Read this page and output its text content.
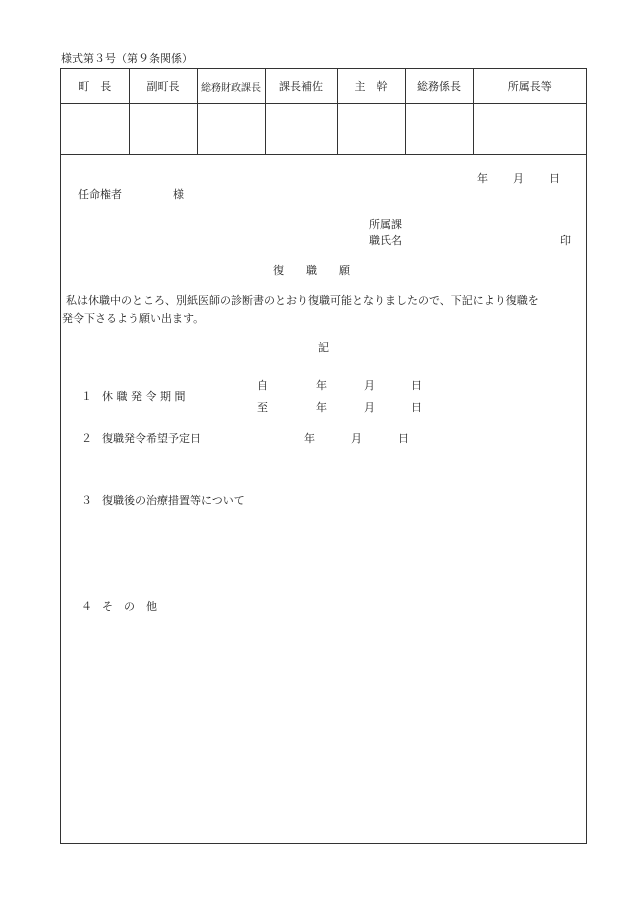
様式第３号（第９条関係）
町　長	副町長	総務財政課長	課長補佐	主　幹	総務係長	所属長等

年 月 日
任命権者	様
所属課
職氏名	印
復　　職　　願
私は休職中のところ、別紙医師の診断書のとおり復職可能となりましたので、下記により復職を
発令下さるよう願い出ます。
記
１ 休 職 発 令 期 間
自	年	月	日
至	年	月	日
２ 復職発令希望予定日	年	月	日
３ 復職後の治療措置等について
４ そ　の　他
